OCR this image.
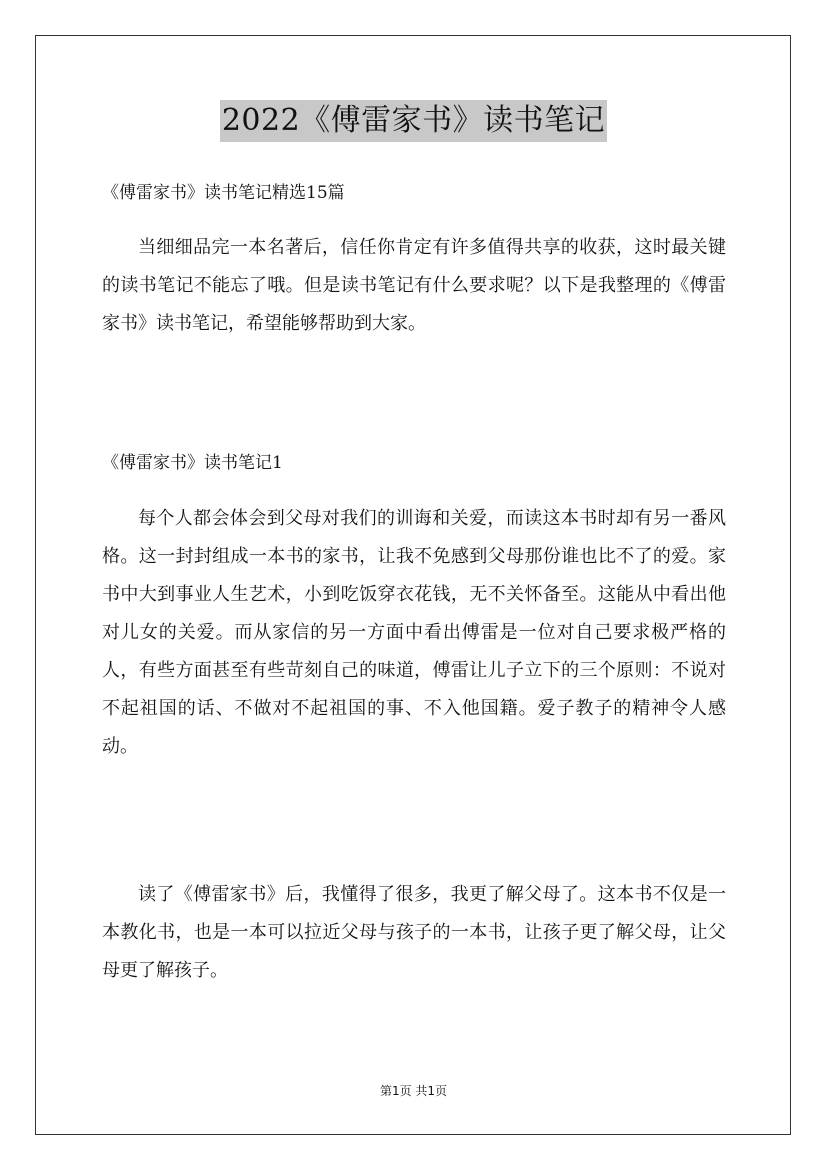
2022《傅雷家书》读书笔记
《傅雷家书》读书笔记精选15篇

当细细品完一本名著后，信任你肯定有许多值得共享的收获，这时最关键的读书笔记不能忘了哦。但是读书笔记有什么要求呢？以下是我整理的《傅雷家书》读书笔记，希望能够帮助到大家。

《傅雷家书》读书笔记1

每个人都会体会到父母对我们的训诲和关爱，而读这本书时却有另一番风格。这一封封组成一本书的家书，让我不免感到父母那份谁也比不了的爱。家书中大到事业人生艺术，小到吃饭穿衣花钱，无不关怀备至。这能从中看出他对儿女的关爱。而从家信的另一方面中看出傅雷是一位对自己要求极严格的人，有些方面甚至有些苛刻自己的味道，傅雷让儿子立下的三个原则：不说对不起祖国的话、不做对不起祖国的事、不入他国籍。爱子教子的精神令人感动。

读了《傅雷家书》后，我懂得了很多，我更了解父母了。这本书不仅是一本教化书，也是一本可以拉近父母与孩子的一本书，让孩子更了解父母，让父母更了解孩子。

第1页 共1页
